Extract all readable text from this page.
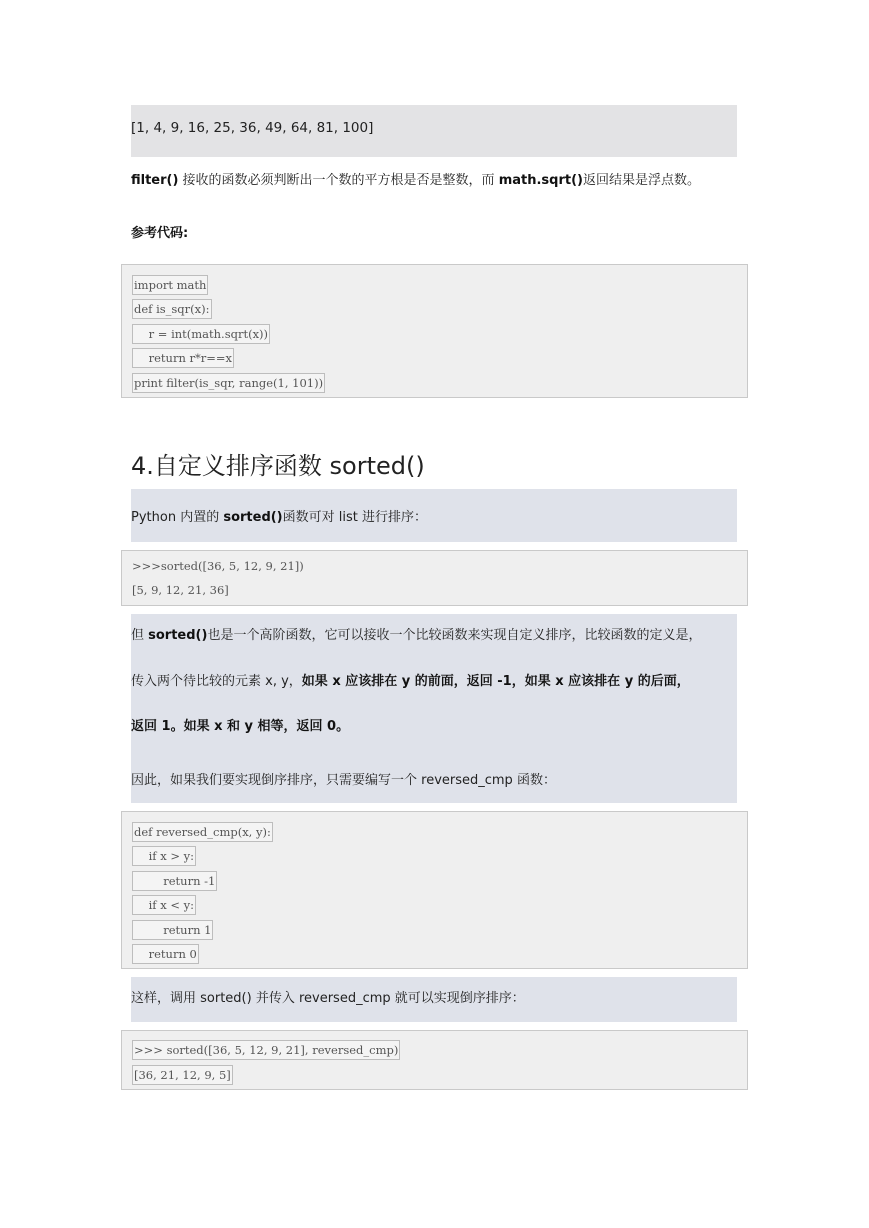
[1, 4, 9, 16, 25, 36, 49, 64, 81, 100]
filter() 接收的函数必须判断出一个数的平方根是否是整数，而 math.sqrt()返回结果是浮点数。
参考代码:
import math
def is_sqr(x):
r = int(math.sqrt(x))
return r*r==x
print filter(is_sqr, range(1, 101))
4.自定义排序函数 sorted()
Python 内置的 sorted()函数可对 list 进行排序：
>>>sorted([36, 5, 12, 9, 21])
[5, 9, 12, 21, 36]
但 sorted()也是一个高阶函数，它可以接收一个比较函数来实现自定义排序，比较函数的定义是，
传入两个待比较的元素 x, y，如果 x 应该排在 y 的前面，返回 -1，如果 x 应该排在 y 的后面，
返回 1。如果 x 和 y 相等，返回 0。
因此，如果我们要实现倒序排序，只需要编写一个 reversed_cmp 函数：
def reversed_cmp(x, y):
if x > y:
return -1
if x < y:
return 1
return 0
这样，调用 sorted() 并传入 reversed_cmp 就可以实现倒序排序：
>>> sorted([36, 5, 12, 9, 21], reversed_cmp)
[36, 21, 12, 9, 5]
